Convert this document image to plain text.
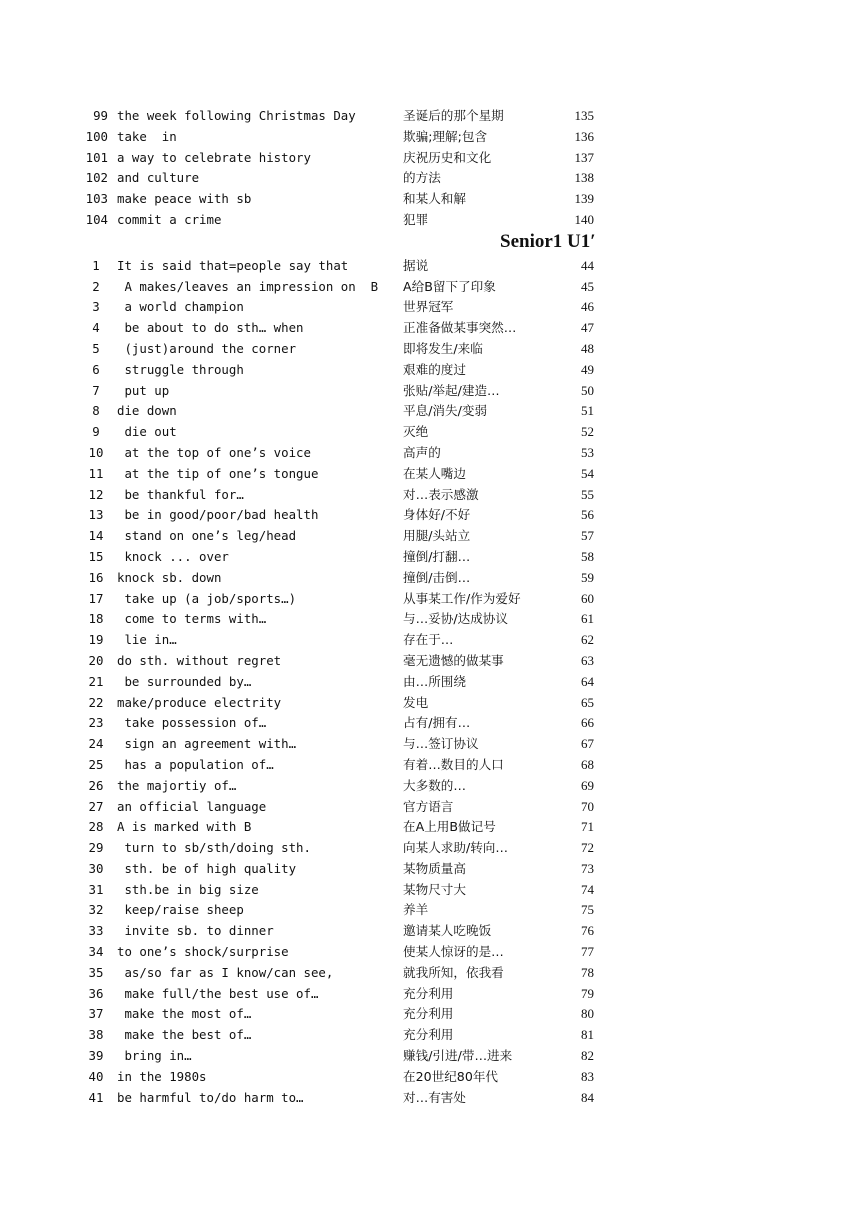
99 the week following Christmas Day	圣诞后的那个星期	135
100 take  in	欺骗;理解;包含	136
101 a way to celebrate history	庆祝历史和文化	137
102 and culture	的方法	138
103 make peace with sb	和某人和解	139
104 commit a crime	犯罪	140
Senior1 U1′
1	It is said that=people say that	据说	44
2	A makes/leaves an impression on  B	A给B留下了印象	45
3	a world champion	世界冠军	46
4	be about to do sth… when	正准备做某事突然…	47
5	(just)around the corner	即将发生/来临	48
6	struggle through	艰难的度过	49
7	put up	张贴/举起/建造…	50
8	die down	平息/消失/变弱	51
9	die out	灭绝	52
10	at the top of one’s voice	高声的	53
11	at the tip of one’s tongue	在某人嘴边	54
12	be thankful for…	对…表示感激	55
13	be in good/poor/bad health	身体好/不好	56
14	stand on one’s leg/head	用腿/头站立	57
15	knock ... over	撞倒/打翻…	58
16	knock sb. down	撞倒/击倒…	59
17	take up (a job/sports…)	从事某工作/作为爱好	60
18	come to terms with…	与…妥协/达成协议	61
19	lie in…	存在于…	62
20	do sth. without regret	毫无遗憾的做某事	63
21	be surrounded by…	由…所围绕	64
22	make/produce electrity	发电	65
23	take possession of…	占有/拥有…	66
24	sign an agreement with…	与…签订协议	67
25	has a population of…	有着…数目的人口	68
26	the majortiy of…	大多数的…	69
27	an official language	官方语言	70
28	A is marked with B	在A上用B做记号	71
29	turn to sb/sth/doing sth.	向某人求助/转向…	72
30	sth. be of high quality	某物质量高	73
31	sth.be in big size	某物尺寸大	74
32	keep/raise sheep	养羊	75
33	invite sb. to dinner	邀请某人吃晚饭	76
34	to one’s shock/surprise	使某人惊讶的是…	77
35	as/so far as I know/can see,	就我所知，依我看	78
36	make full/the best use of…	充分利用	79
37	make the most of…	充分利用	80
38	make the best of…	充分利用	81
39	bring in…	赚钱/引进/带…进来	82
40	in the 1980s	在20世纪80年代	83
41	be harmful to/do harm to…	对…有害处	84
